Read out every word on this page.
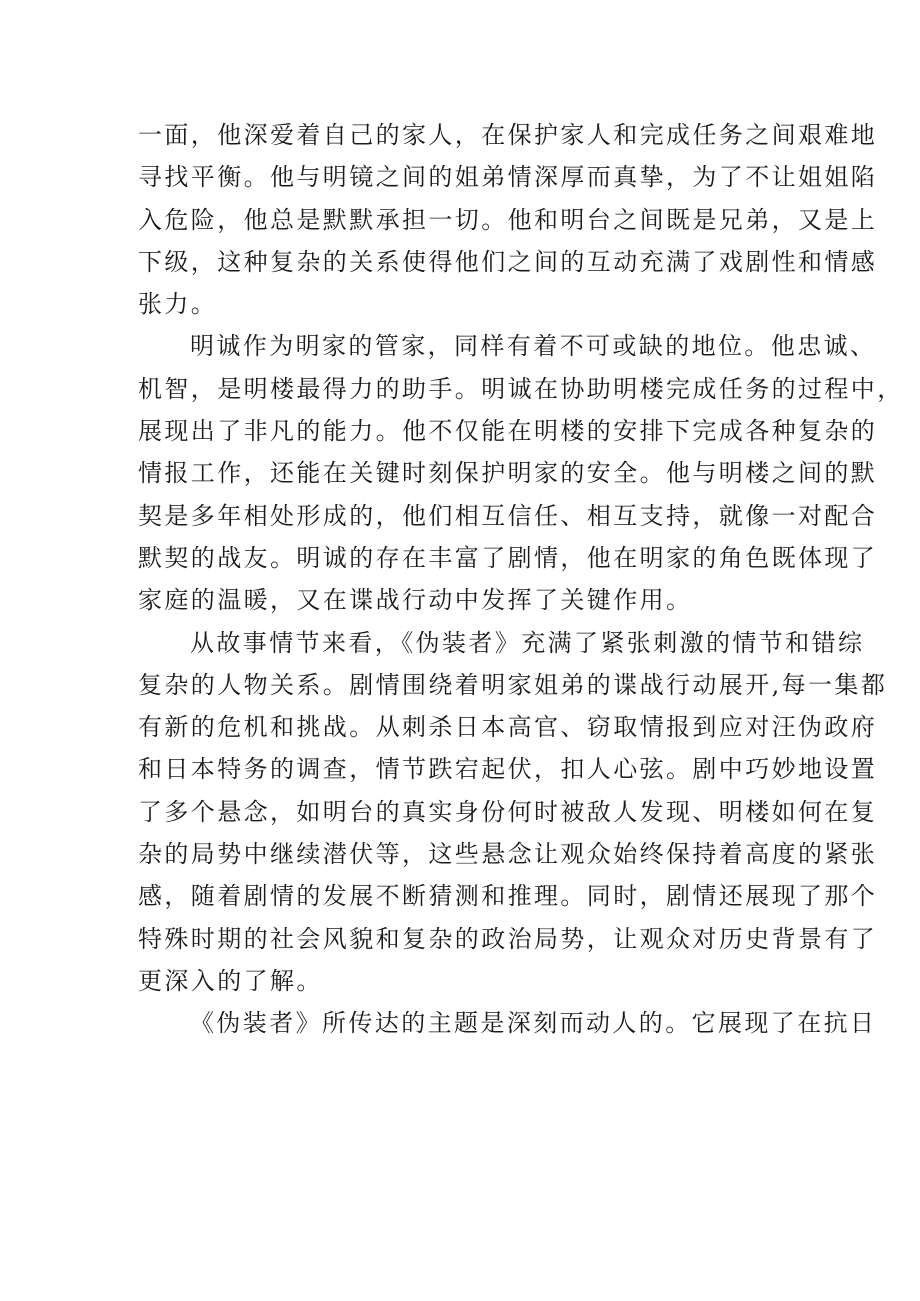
一面，他深爱着自己的家人，在保护家人和完成任务之间艰难地
寻找平衡。他与明镜之间的姐弟情深厚而真挚，为了不让姐姐陷
入危险，他总是默默承担一切。他和明台之间既是兄弟，又是上
下级，这种复杂的关系使得他们之间的互动充满了戏剧性和情感
张力。
明诚作为明家的管家，同样有着不可或缺的地位。他忠诚、
机智，是明楼最得力的助手。明诚在协助明楼完成任务的过程中，
展现出了非凡的能力。他不仅能在明楼的安排下完成各种复杂的
情报工作，还能在关键时刻保护明家的安全。他与明楼之间的默
契是多年相处形成的，他们相互信任、相互支持，就像一对配合
默契的战友。明诚的存在丰富了剧情，他在明家的角色既体现了
家庭的温暖，又在谍战行动中发挥了关键作用。
从故事情节来看，《伪装者》充满了紧张刺激的情节和错综
复杂的人物关系。剧情围绕着明家姐弟的谍战行动展开,每一集都
有新的危机和挑战。从刺杀日本高官、窃取情报到应对汪伪政府
和日本特务的调查，情节跌宕起伏，扣人心弦。剧中巧妙地设置
了多个悬念，如明台的真实身份何时被敌人发现、明楼如何在复
杂的局势中继续潜伏等，这些悬念让观众始终保持着高度的紧张
感，随着剧情的发展不断猜测和推理。同时，剧情还展现了那个
特殊时期的社会风貌和复杂的政治局势，让观众对历史背景有了
更深入的了解。
《伪装者》所传达的主题是深刻而动人的。它展现了在抗日
